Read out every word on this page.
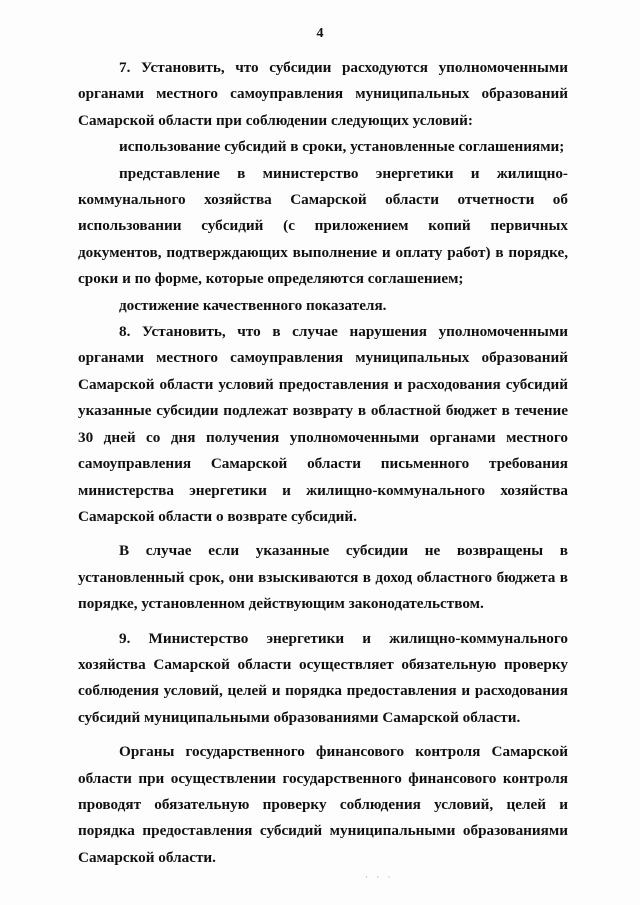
4

7. Установить, что субсидии расходуются уполномоченными органами местного самоуправления муниципальных образований Самарской области при соблюдении следующих условий:

использование субсидий в сроки, установленные соглашениями;

представление в министерство энергетики и жилищно-коммунального хозяйства Самарской области отчетности об использовании субсидий (с приложением копий первичных документов, подтверждающих выполнение и оплату работ) в порядке, сроки и по форме, которые определяются соглашением;

достижение качественного показателя.

8. Установить, что в случае нарушения уполномоченными органами местного самоуправления муниципальных образований Самарской области условий предоставления и расходования субсидий указанные субсидии подлежат возврату в областной бюджет в течение 30 дней со дня получения уполномоченными органами местного самоуправления Самарской области письменного требования министерства энергетики и жилищно-коммунального хозяйства Самарской области о возврате субсидий.

В случае если указанные субсидии не возвращены в установленный срок, они взыскиваются в доход областного бюджета в порядке, установленном действующим законодательством.

9. Министерство энергетики и жилищно-коммунального хозяйства Самарской области осуществляет обязательную проверку соблюдения условий, целей и порядка предоставления и расходования субсидий муниципальными образованиями Самарской области.

Органы государственного финансового контроля Самарской области при осуществлении государственного финансового контроля проводят обязательную проверку соблюдения условий, целей и порядка предоставления субсидий муниципальными образованиями Самарской области.

· · ·
